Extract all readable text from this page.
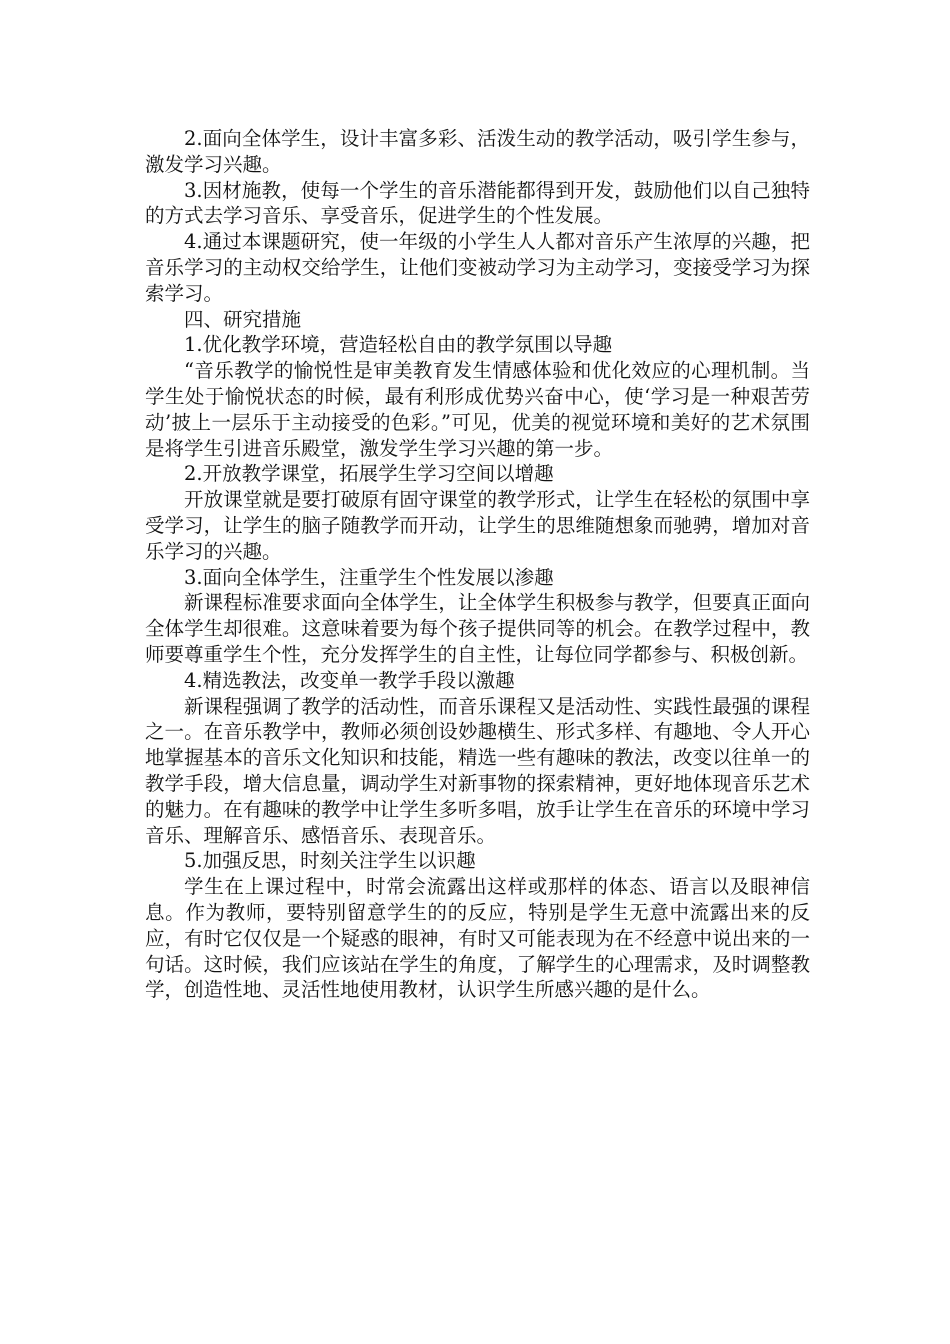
2.面向全体学生，设计丰富多彩、活泼生动的教学活动，吸引学生参与，激发学习兴趣。

3.因材施教，使每一个学生的音乐潜能都得到开发，鼓励他们以自己独特的方式去学习音乐、享受音乐，促进学生的个性发展。

4.通过本课题研究，使一年级的小学生人人都对音乐产生浓厚的兴趣，把音乐学习的主动权交给学生，让他们变被动学习为主动学习，变接受学习为探索学习。

四、研究措施

1.优化教学环境，营造轻松自由的教学氛围以导趣

“音乐教学的愉悦性是审美教育发生情感体验和优化效应的心理机制。当学生处于愉悦状态的时候，最有利形成优势兴奋中心，使‘学习是一种艰苦劳动’披上一层乐于主动接受的色彩。”可见，优美的视觉环境和美好的艺术氛围是将学生引进音乐殿堂，激发学生学习兴趣的第一步。

2.开放教学课堂，拓展学生学习空间以增趣

开放课堂就是要打破原有固守课堂的教学形式，让学生在轻松的氛围中享受学习，让学生的脑子随教学而开动，让学生的思维随想象而驰骋，增加对音乐学习的兴趣。

3.面向全体学生，注重学生个性发展以渗趣

新课程标准要求面向全体学生，让全体学生积极参与教学，但要真正面向全体学生却很难。这意味着要为每个孩子提供同等的机会。在教学过程中，教师要尊重学生个性，充分发挥学生的自主性，让每位同学都参与、积极创新。

4.精选教法，改变单一教学手段以激趣

新课程强调了教学的活动性，而音乐课程又是活动性、实践性最强的课程之一。在音乐教学中，教师必须创设妙趣横生、形式多样、有趣地、令人开心地掌握基本的音乐文化知识和技能，精选一些有趣味的教法，改变以往单一的教学手段，增大信息量，调动学生对新事物的探索精神，更好地体现音乐艺术的魅力。在有趣味的教学中让学生多听多唱，放手让学生在音乐的环境中学习音乐、理解音乐、感悟音乐、表现音乐。

5.加强反思，时刻关注学生以识趣

学生在上课过程中，时常会流露出这样或那样的体态、语言以及眼神信息。作为教师，要特别留意学生的的反应，特别是学生无意中流露出来的反应，有时它仅仅是一个疑惑的眼神，有时又可能表现为在不经意中说出来的一句话。这时候，我们应该站在学生的角度，了解学生的心理需求，及时调整教学，创造性地、灵活性地使用教材，认识学生所感兴趣的是什么。
